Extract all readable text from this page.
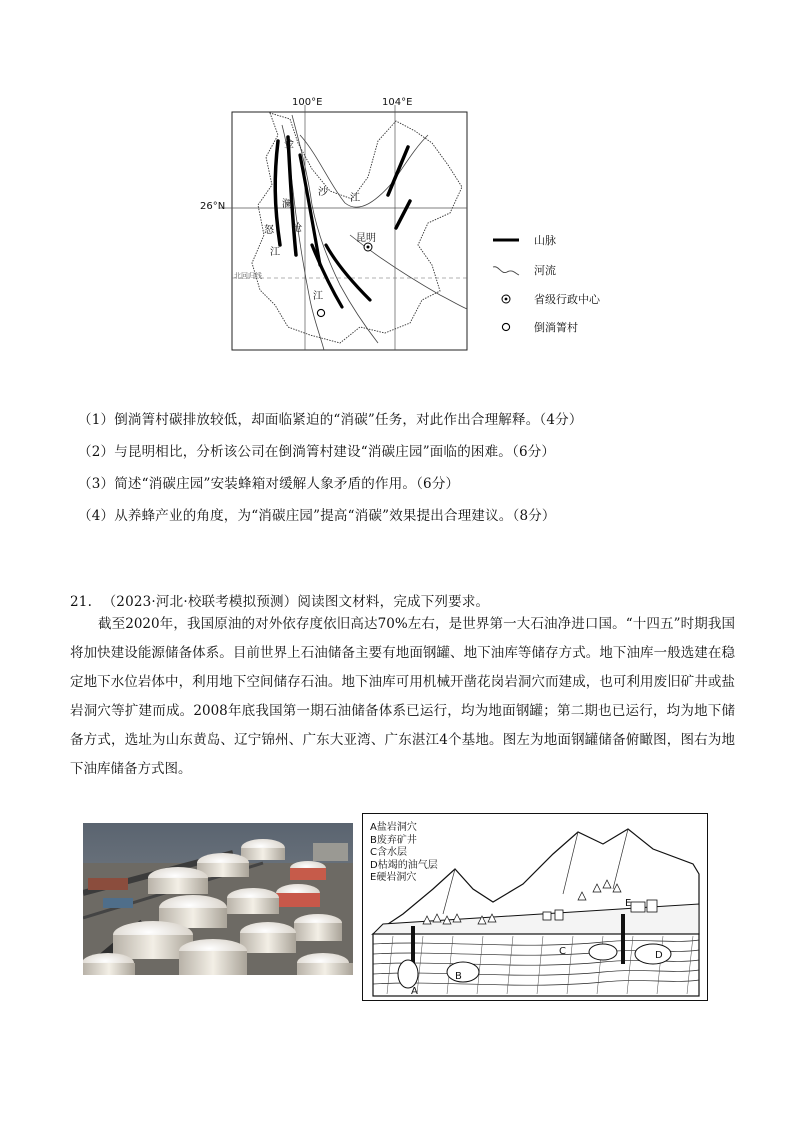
100°E	104°E
26°N
金
沙
江
澜
沧
怒
江
江
昆明
北回归线
山脉
河流
省级行政中心
倒淌箐村
（1）倒淌箐村碳排放较低，却面临紧迫的“消碳”任务，对此作出合理解释。（4分）
（2）与昆明相比，分析该公司在倒淌箐村建设“消碳庄园”面临的困难。（6分）
（3）简述“消碳庄园”安装蜂箱对缓解人象矛盾的作用。（6分）
（4）从养蜂产业的角度，为“消碳庄园”提高“消碳”效果提出合理建议。（8分）
21. （2023·河北·校联考模拟预测）阅读图文材料，完成下列要求。

截至2020年，我国原油的对外依存度依旧高达70%左右，是世界第一大石油净进口国。“十四五”时期我国将加快建设能源储备体系。目前世界上石油储备主要有地面钢罐、地下油库等储存方式。地下油库一般选建在稳定地下水位岩体中，利用地下空间储存石油。地下油库可用机械开凿花岗岩洞穴而建成，也可利用废旧矿井或盐岩洞穴等扩建而成。2008年底我国第一期石油储备体系已运行，均为地面钢罐；第二期也已运行，均为地下储备方式，选址为山东黄岛、辽宁锦州、广东大亚湾、广东湛江4个基地。图左为地面钢罐储备俯瞰图，图右为地下油库储备方式图。

A
B
C	D
E
A盐岩洞穴
B废弃矿井
C含水层
D枯竭的油气层
E硬岩洞穴
